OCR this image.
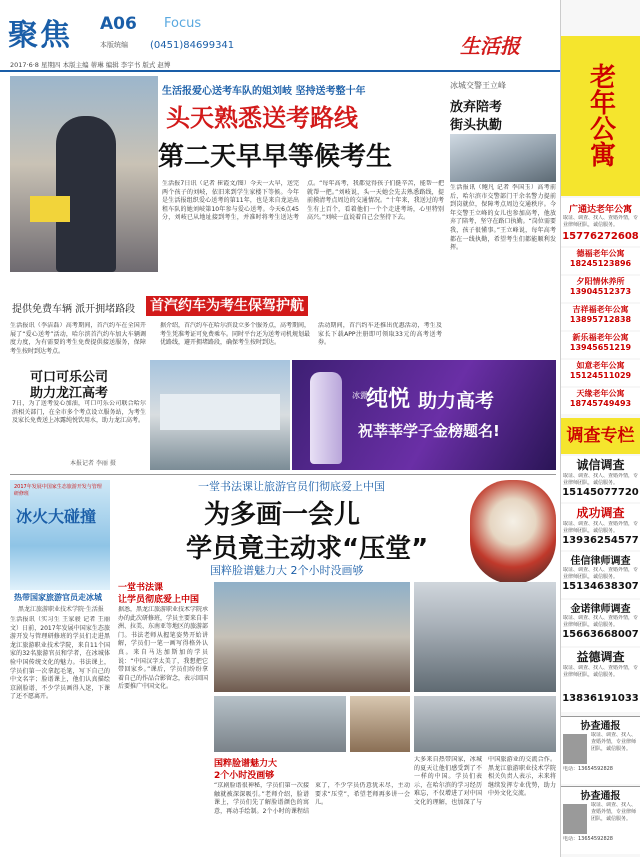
聚焦 A06 Focus
本版统编 (0451)84699341
2017·6·8 星期四 本版主编 蒂琳 编辑 李宇书 版式 赵博
生活报
生活报爱心送考车队的姐刘岐 坚持送考整十年
头天熟悉送考路线
第二天早早等候考生
生活报7日讯（记者 崔霞文/图）今天一大早，送完两个孩子的刘岐，依旧来到学生家楼下等候。今年是生活报组织爱心送考的第11年，也是来自龙运出租车队的她刘岐第10年参与爱心送考。今天6点45分，刘岐已从地址接到考生，并准时将考生送达考点。“每年高考，我都觉得孩子们挺辛苦，能帮一把就帮一把。”刘岐说，头一天她会先去熟悉路线，提前摸清考点周边的交通情况。“十年来，我送过的考生有上百个，看着他们一个个走进考场，心里特别高兴。”刘岐一直说着自己会坚持下去。
冰城交警王立峰
放弃陪考
街头执勤
生活报讯（鲍凡 记者 李国玉）高考前后，哈尔滨市交警部门干余名警力提前到岗就位，保障考点周边交通秩序。今年交警王立峰的女儿也参加高考，他放弃了陪考，坚守在路口执勤。“岗位需要我，孩子很懂事。”王立峰说，每年高考都在一线执勤，希望考生们都能顺利发挥。
提供免费车辆 派开拥堵路段 首汽约车为考生保驾护航
生活报讯（李洁磊）高考期间，首汽约车在全国开展了“爱心送考”活动，哈尔滨首汽约车加大车辆调度力度，为有需要的考生免费提供接送服务，保障考生按时到达考点。
据介绍，首汽约车在哈尔滨设立多个服务点，高考期间，考生凭准考证可免费乘车。同时平台还为送考司机规划最优路线，避开拥堵路段，确保考生按时到达。
活动期间，首汽约车还推出优惠活动，考生及家长下载APP注册即可领取33元的高考送考券。
可口可乐公司
助力龙江高考
7日，为了送考爱心加油，可口可乐公司联合哈尔滨相关部门，在全市多个考点设立服务站，为考生及家长免费送上冰露纯悦饮用水，助力龙江高考。
本报记者 李丽 摄
冰露
纯悦 助力高考
祝莘莘学子金榜题名!
一堂书法课让旅游官员们彻底爱上中国
为多画一会儿
学员竟主动求“压堂”
国粹脸谱魅力大 2个小时没画够
2017年发展中国家生态旅游开发与管理研修班
冰火大碰撞
热带国家旅游官员走冰城
黑龙江旅游职业技术学院·生活报
生活报讯（实习生 王家骏 记者 王丽文）日前，2017年发展中国家生态旅游开发与管理研修班的学员们走进黑龙江旅游职业技术学院，来自11个国家的32名旅游官员和学者，在冰城体验中国传统文化的魅力。书法课上，学员们第一次拿起毛笔，写下自己的中文名字；脸谱课上，他们认真描绘京剧脸谱，不少学员画得入迷，下课了还不愿离开。
一堂书法课
让学员彻底爱上中国
据悉，黑龙江旅游职业技术学院承办的此次研修班，学员主要来自非洲、拉美、东南亚等地区的旅游部门。书法老师从握笔姿势开始讲解，学员们一笔一画写得格外认真。来自马达加斯加的学员说：“中国汉字太美了，我想把它带回家乡。”课后，学员们纷纷拿着自己的作品合影留念，表示回国后要推广中国文化。
国粹脸谱魅力大
2个小时没画够
“京剧脸谱很神秘，学员们第一次接触就被深深吸引。”老师介绍，脸谱课上，学员们先了解脸谱颜色的寓意，再动手绘制。2个小时的课程结束了，不少学员仍意犹未尽，主动要求“压堂”，希望老师再多讲一会儿。
大多来自热带国家，冰城的夏天让他们感受到了不一样的中国。学员们表示，在哈尔滨的学习经历难忘，不仅增进了对中国文化的理解，也加深了与中国旅游业的交流合作。黑龙江旅游职业技术学院相关负责人表示，未来将继续发挥专业优势，助力中外文化交流。
老年公寓
广通达老年公寓
取证、调查、找人、查婚外情，专业律师团队，诚信服务。
15776272608
德福老年公寓
18245123896
夕阳情休养所
13904512373
吉祥福老年公寓
13895712838
新乐福老年公寓
13945651219
如意老年公寓
15124511029
天缘老年公寓
18745749493
调查专栏
诚信调查
取证、调查、找人、查婚外情，专业律师团队，诚信服务。
15145077720
成功调查
取证、调查、找人、查婚外情，专业律师团队，诚信服务。
13936254577
佳信律师调查
取证、调查、找人、查婚外情，专业律师团队，诚信服务。
15134638307
金诺律师调查
取证、调查、找人、查婚外情，专业律师团队，诚信服务。
15663668007
益德调查
取证、调查、找人、查婚外情，专业律师团队，诚信服务。
13836191033
协查通报
取证、调查、找人、查婚外情，专业律师团队，诚信服务。
电话：13654592828
协查通报
取证、调查、找人、查婚外情，专业律师团队，诚信服务。
电话：13654592828
